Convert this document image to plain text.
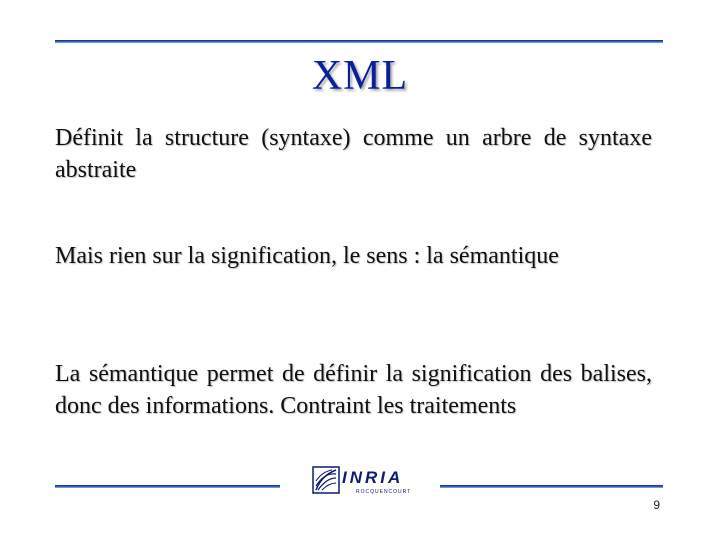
XML
Définit la structure (syntaxe) comme un arbre de syntaxe abstraite
Mais rien sur la signification, le sens : la sémantique
La sémantique permet de définir la signification des balises, donc des informations. Contraint les traitements
INRIA
ROCQUENCOURT
9
